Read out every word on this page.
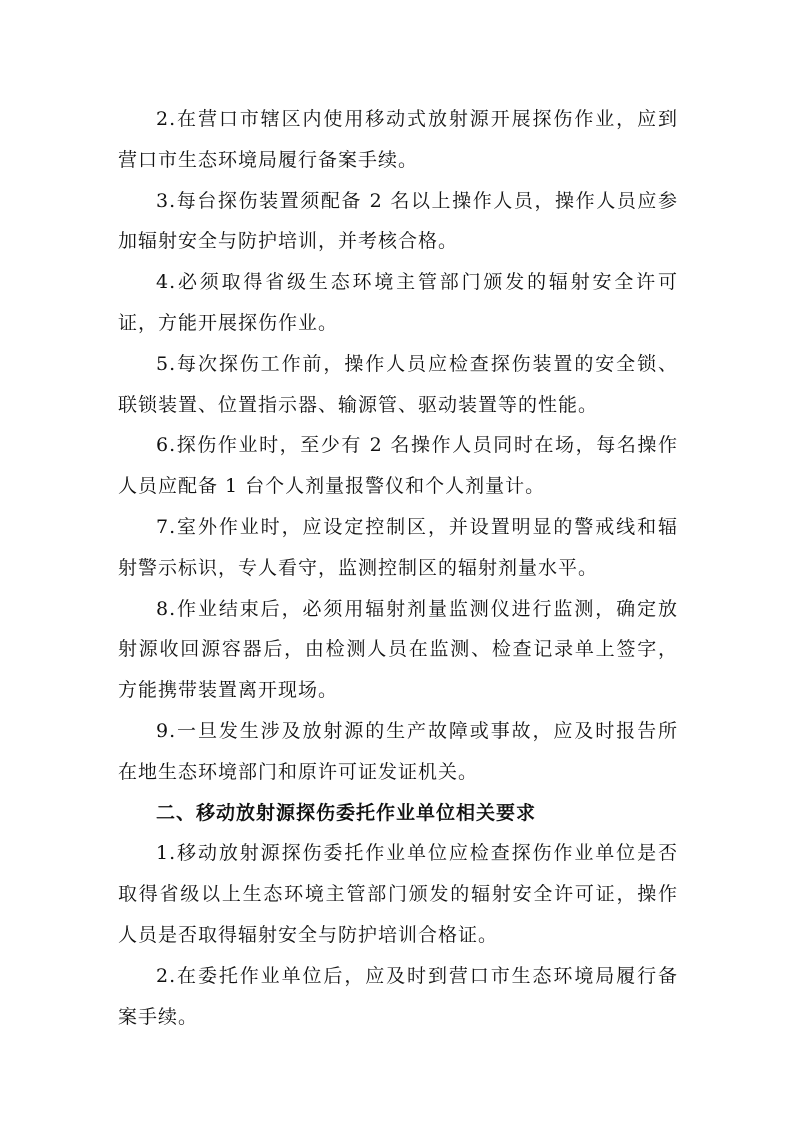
2.在营口市辖区内使用移动式放射源开展探伤作业，应到
营口市生态环境局履行备案手续。
3.每台探伤装置须配备 2 名以上操作人员，操作人员应参
加辐射安全与防护培训，并考核合格。
4.必须取得省级生态环境主管部门颁发的辐射安全许可
证，方能开展探伤作业。
5.每次探伤工作前，操作人员应检查探伤装置的安全锁、
联锁装置、位置指示器、输源管、驱动装置等的性能。
6.探伤作业时，至少有 2 名操作人员同时在场，每名操作
人员应配备 1 台个人剂量报警仪和个人剂量计。
7.室外作业时，应设定控制区，并设置明显的警戒线和辐
射警示标识，专人看守，监测控制区的辐射剂量水平。
8.作业结束后，必须用辐射剂量监测仪进行监测，确定放
射源收回源容器后，由检测人员在监测、检查记录单上签字，
方能携带装置离开现场。
9.一旦发生涉及放射源的生产故障或事故，应及时报告所
在地生态环境部门和原许可证发证机关。
二、移动放射源探伤委托作业单位相关要求
1.移动放射源探伤委托作业单位应检查探伤作业单位是否
取得省级以上生态环境主管部门颁发的辐射安全许可证，操作
人员是否取得辐射安全与防护培训合格证。
2.在委托作业单位后，应及时到营口市生态环境局履行备
案手续。
